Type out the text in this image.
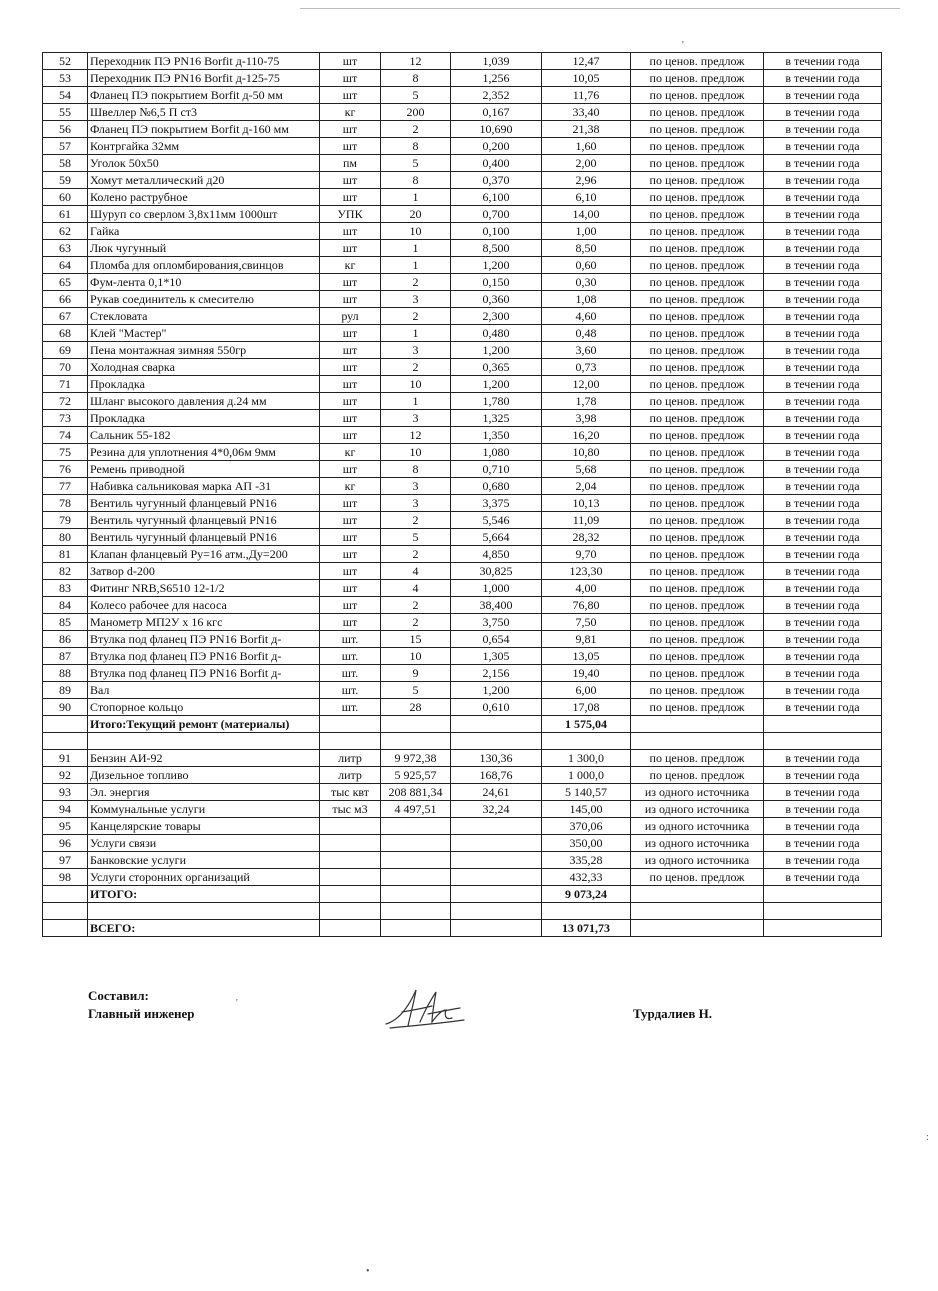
'
52	Переходник ПЭ PN16 Borfit д-110-75	шт	12	1,039	12,47	по ценов. предлож	в течении года
53	Переходник ПЭ PN16 Borfit д-125-75	шт	8	1,256	10,05	по ценов. предлож	в течении года
54	Фланец ПЭ покрытием Borfit д-50 мм	шт	5	2,352	11,76	по ценов. предлож	в течении года
55	Швеллер №6,5 П ст3	кг	200	0,167	33,40	по ценов. предлож	в течении года
56	Фланец ПЭ покрытием Borfit д-160 мм	шт	2	10,690	21,38	по ценов. предлож	в течении года
57	Контргайка 32мм	шт	8	0,200	1,60	по ценов. предлож	в течении года
58	Уголок 50х50	пм	5	0,400	2,00	по ценов. предлож	в течении года
59	Хомут металлический д20	шт	8	0,370	2,96	по ценов. предлож	в течении года
60	Колено раструбное	шт	1	6,100	6,10	по ценов. предлож	в течении года
61	Шуруп со сверлом 3,8х11мм 1000шт	УПК	20	0,700	14,00	по ценов. предлож	в течении года
62	Гайка	шт	10	0,100	1,00	по ценов. предлож	в течении года
63	Люк чугунный	шт	1	8,500	8,50	по ценов. предлож	в течении года
64	Пломба для опломбирования,свинцов	кг	1	1,200	0,60	по ценов. предлож	в течении года
65	Фум-лента 0,1*10	шт	2	0,150	0,30	по ценов. предлож	в течении года
66	Рукав соединитель к смесителю	шт	3	0,360	1,08	по ценов. предлож	в течении года
67	Стекловата	рул	2	2,300	4,60	по ценов. предлож	в течении года
68	Клей "Мастер"	шт	1	0,480	0,48	по ценов. предлож	в течении года
69	Пена монтажная зимняя 550гр	шт	3	1,200	3,60	по ценов. предлож	в течении года
70	Холодная сварка	шт	2	0,365	0,73	по ценов. предлож	в течении года
71	Прокладка	шт	10	1,200	12,00	по ценов. предлож	в течении года
72	Шланг высокого давления д.24 мм	шт	1	1,780	1,78	по ценов. предлож	в течении года
73	Прокладка	шт	3	1,325	3,98	по ценов. предлож	в течении года
74	Сальник 55-182	шт	12	1,350	16,20	по ценов. предлож	в течении года
75	Резина для уплотнения 4*0,06м 9мм	кг	10	1,080	10,80	по ценов. предлож	в течении года
76	Ремень приводной	шт	8	0,710	5,68	по ценов. предлож	в течении года
77	Набивка сальниковая марка АП -31	кг	3	0,680	2,04	по ценов. предлож	в течении года
78	Вентиль чугунный фланцевый PN16	шт	3	3,375	10,13	по ценов. предлож	в течении года
79	Вентиль чугунный фланцевый PN16	шт	2	5,546	11,09	по ценов. предлож	в течении года
80	Вентиль чугунный фланцевый PN16	шт	5	5,664	28,32	по ценов. предлож	в течении года
81	Клапан фланцевый Ру=16 атм.,Ду=200	шт	2	4,850	9,70	по ценов. предлож	в течении года
82	Затвор d-200	шт	4	30,825	123,30	по ценов. предлож	в течении года
83	Фитинг NRB,S6510 12-1/2	шт	4	1,000	4,00	по ценов. предлож	в течении года
84	Колесо рабочее для насоса	шт	2	38,400	76,80	по ценов. предлож	в течении года
85	Манометр МП2У х 16 кгс	шт	2	3,750	7,50	по ценов. предлож	в течении года
86	Втулка под фланец ПЭ PN16 Borfit д-	шт.	15	0,654	9,81	по ценов. предлож	в течении года
87	Втулка под фланец ПЭ PN16 Borfit д-	шт.	10	1,305	13,05	по ценов. предлож	в течении года
88	Втулка под фланец ПЭ PN16 Borfit д-	шт.	9	2,156	19,40	по ценов. предлож	в течении года
89	Вал	шт.	5	1,200	6,00	по ценов. предлож	в течении года
90	Стопорное кольцо	шт.	28	0,610	17,08	по ценов. предлож	в течении года
	Итого:Текущий ремонт (материалы)				1 575,04		

91	Бензин АИ-92	литр	9 972,38	130,36	1 300,0	по ценов. предлож	в течении года
92	Дизельное топливо	литр	5 925,57	168,76	1 000,0	по ценов. предлож	в течении года
93	Эл. энергия	тыс квт	208 881,34	24,61	5 140,57	из одного источника	в течении года
94	Коммунальные услуги	тыс м3	4 497,51	32,24	145,00	из одного источника	в течении года
95	Канцелярские товары				370,06	из одного источника	в течении года
96	Услуги связи				350,00	из одного источника	в течении года
97	Банковские услуги				335,28	из одного источника	в течении года
98	Услуги сторонних организаций				432,33	по ценов. предлож	в течении года
	ИТОГО:				9 073,24		

	ВСЕГО:				13 071,73		
Составил:
Главный инженер	Турдалиев Н.
'
•
:
